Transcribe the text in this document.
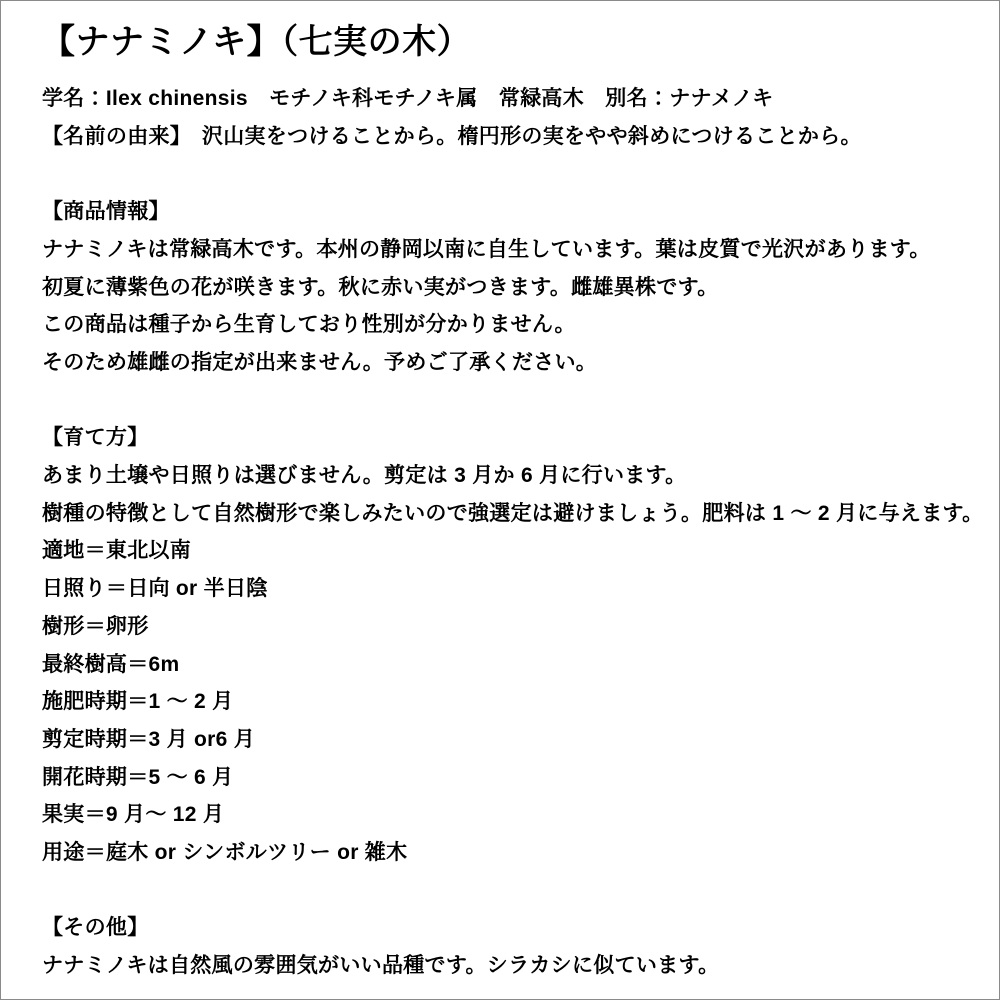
【ナナミノキ】（七実の木）
学名：Ilex chinensis　モチノキ科モチノキ属　常緑高木　別名：ナナメノキ
【名前の由来】　沢山実をつけることから。楕円形の実をやや斜めにつけることから。
【商品情報】
ナナミノキは常緑高木です。本州の静岡以南に自生しています。葉は皮質で光沢があります。
初夏に薄紫色の花が咲きます。秋に赤い実がつきます。雌雄異株です。
この商品は種子から生育しており性別が分かりません。
そのため雄雌の指定が出来ません。予めご了承ください。
【育て方】
あまり土壌や日照りは選びません。剪定は 3 月か 6 月に行います。
樹種の特徴として自然樹形で楽しみたいので強選定は避けましょう。肥料は 1 ～ 2 月に与えます。
適地＝東北以南
日照り＝日向 or 半日陰
樹形＝卵形
最終樹高＝6m
施肥時期＝1 ～ 2 月
剪定時期＝3 月 or6 月
開花時期＝5 ～ 6 月
果実＝9 月～ 12 月
用途＝庭木 or シンボルツリー or 雑木
【その他】
ナナミノキは自然風の雰囲気がいい品種です。シラカシに似ています。
